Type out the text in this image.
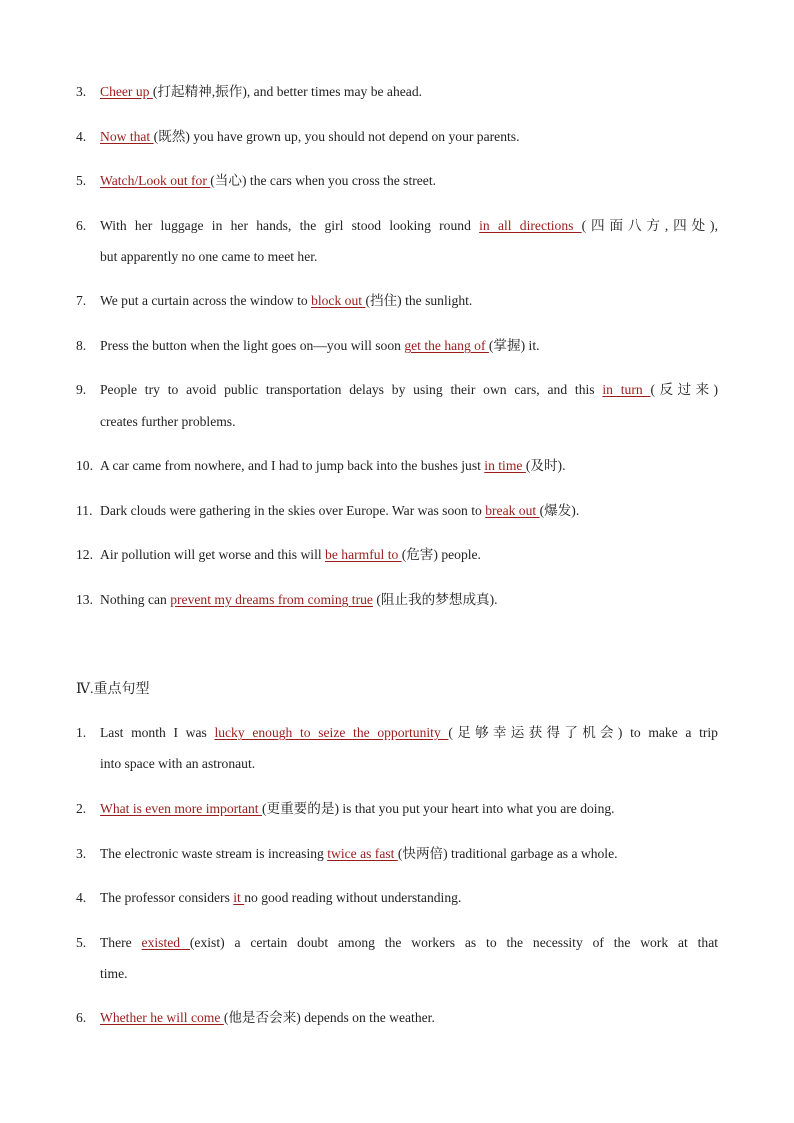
3. Cheer up (打起精神,振作), and better times may be ahead.
4. Now that (既然) you have grown up, you should not depend on your parents.
5. Watch/Look out for (当心) the cars when you cross the street.
6. With her luggage in her hands, the girl stood looking round in all directions (四面八方,四处),
but apparently no one came to meet her.
7. We put a curtain across the window to block out (挡住) the sunlight.
8. Press the button when the light goes on—you will soon get the hang of (掌握) it.
9. People try to avoid public transportation delays by using their own cars, and this in turn (反过来)
creates further problems.
10. A car came from nowhere, and I had to jump back into the bushes just in time (及时).
11. Dark clouds were gathering in the skies over Europe. War was soon to break out (爆发).
12. Air pollution will get worse and this will be harmful to (危害) people.
13. Nothing can prevent my dreams from coming true (阻止我的梦想成真).
Ⅳ.重点句型
1. Last month I was lucky enough to seize the opportunity (足够幸运获得了机会) to make a trip
into space with an astronaut.
2. What is even more important (更重要的是) is that you put your heart into what you are doing.
3. The electronic waste stream is increasing twice as fast (快两倍) traditional garbage as a whole.
4. The professor considers it no good reading without understanding.
5. There existed (exist) a certain doubt among the workers as to the necessity of the work at that
time.
6. Whether he will come (他是否会来) depends on the weather.
